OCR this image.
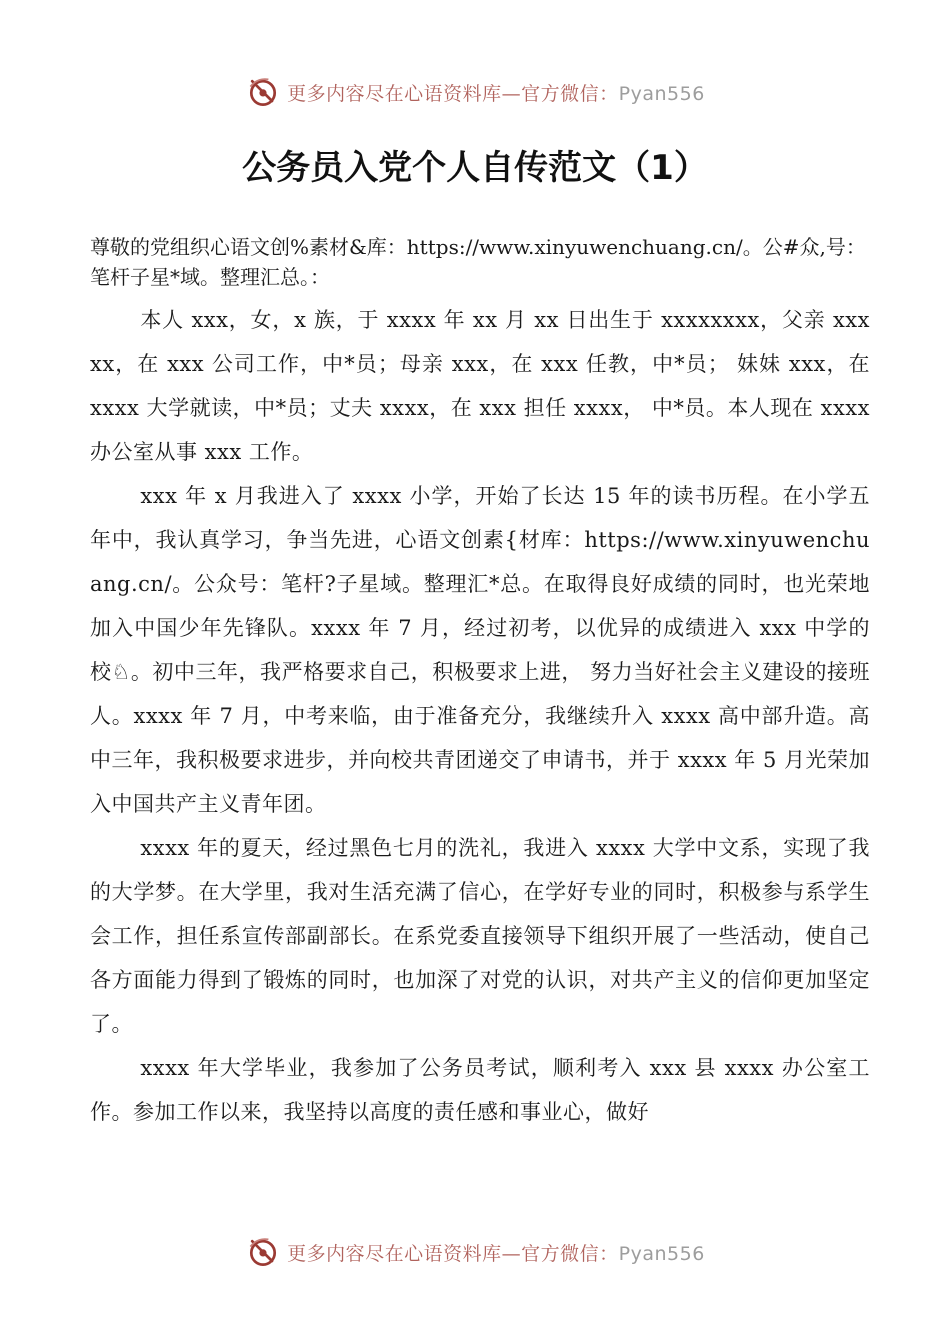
更多内容尽在心语资料库—官方微信：Pyan556
公务员入党个人自传范文（1）

尊敬的党组织心语文创%素材&库：https://www.xinyuwenchuang.cn/。公#众,号：笔杆子星*域。整理汇总。：

本人 xxx，女，x 族，于 xxxx 年 xx 月 xx 日出生于 xxxxxxxx，父亲 xxxxx，在 xxx 公司工作，中*员；母亲 xxx，在 xxx 任教，中*员； 妹妹 xxx，在 xxxx 大学就读，中*员；丈夫 xxxx，在 xxx 担任 xxxx， 中*员。本人现在 xxxx 办公室从事 xxx 工作。

xxx 年 x 月我进入了 xxxx 小学，开始了长达 15 年的读书历程。在小学五年中，我认真学习，争当先进，心语文创素{材库：https://www.xinyuwenchuang.cn/。公众号：笔杆?子星域。整理汇*总。在取得良好成绩的同时，也光荣地加入中国少年先锋队。xxxx 年 7 月，经过初考，以优异的成绩进入 xxx 中学的校♘。初中三年，我严格要求自己，积极要求上进， 努力当好社会主义建设的接班人。xxxx 年 7 月，中考来临，由于准备充分，我继续升入 xxxx 高中部升造。高中三年，我积极要求进步，并向校共青团递交了申请书，并于 xxxx 年 5 月光荣加入中国共产主义青年团。

xxxx 年的夏天，经过黑色七月的洗礼，我进入 xxxx 大学中文系，实现了我的大学梦。在大学里，我对生活充满了信心，在学好专业的同时，积极参与系学生会工作，担任系宣传部副部长。在系党委直接领导下组织开展了一些活动，使自己各方面能力得到了锻炼的同时，也加深了对党的认识，对共产主义的信仰更加坚定了。

xxxx 年大学毕业，我参加了公务员考试，顺利考入 xxx 县 xxxx 办公室工作。参加工作以来，我坚持以高度的责任感和事业心，做好

更多内容尽在心语资料库—官方微信：Pyan556
